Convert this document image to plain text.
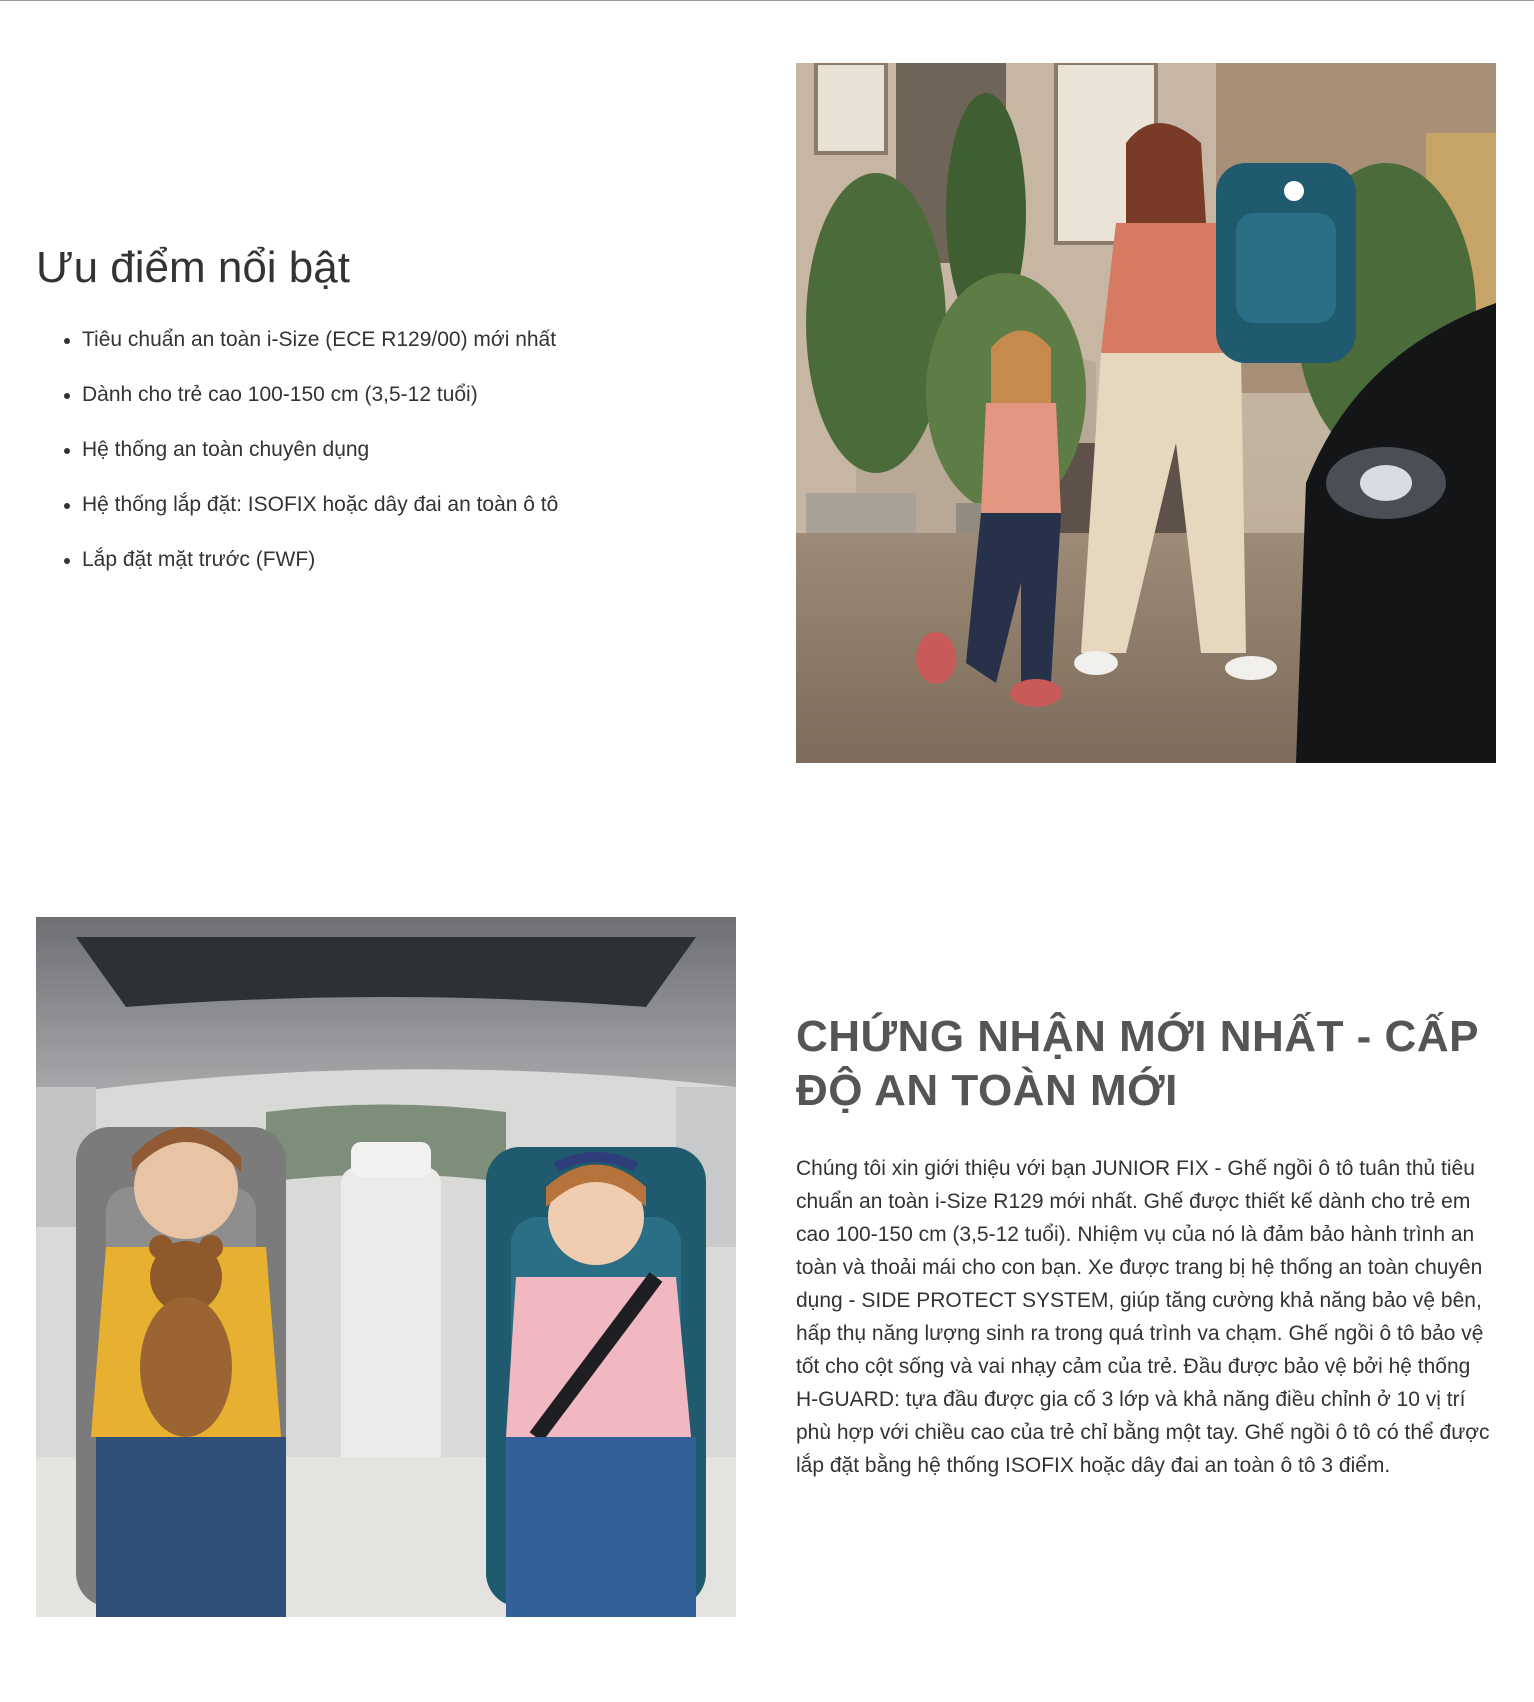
Ưu điểm nổi bật
Tiêu chuẩn an toàn i-Size (ECE R129/00) mới nhất
Dành cho trẻ cao 100-150 cm (3,5-12 tuổi)
Hệ thống an toàn chuyên dụng
Hệ thống lắp đặt: ISOFIX hoặc dây đai an toàn ô tô
Lắp đặt mặt trước (FWF)
CHỨNG NHẬN MỚI NHẤT - CẤP ĐỘ AN TOÀN MỚI

Chúng tôi xin giới thiệu với bạn JUNIOR FIX - Ghế ngồi ô tô tuân thủ tiêu chuẩn an toàn i-Size R129 mới nhất. Ghế được thiết kế dành cho trẻ em cao 100-150 cm (3,5-12 tuổi). Nhiệm vụ của nó là đảm bảo hành trình an toàn và thoải mái cho con bạn. Xe được trang bị hệ thống an toàn chuyên dụng - SIDE PROTECT SYSTEM, giúp tăng cường khả năng bảo vệ bên, hấp thụ năng lượng sinh ra trong quá trình va chạm. Ghế ngồi ô tô bảo vệ tốt cho cột sống và vai nhạy cảm của trẻ. Đầu được bảo vệ bởi hệ thống H-GUARD: tựa đầu được gia cố 3 lớp và khả năng điều chỉnh ở 10 vị trí phù hợp với chiều cao của trẻ chỉ bằng một tay. Ghế ngồi ô tô có thể được lắp đặt bằng hệ thống ISOFIX hoặc dây đai an toàn ô tô 3 điểm.
